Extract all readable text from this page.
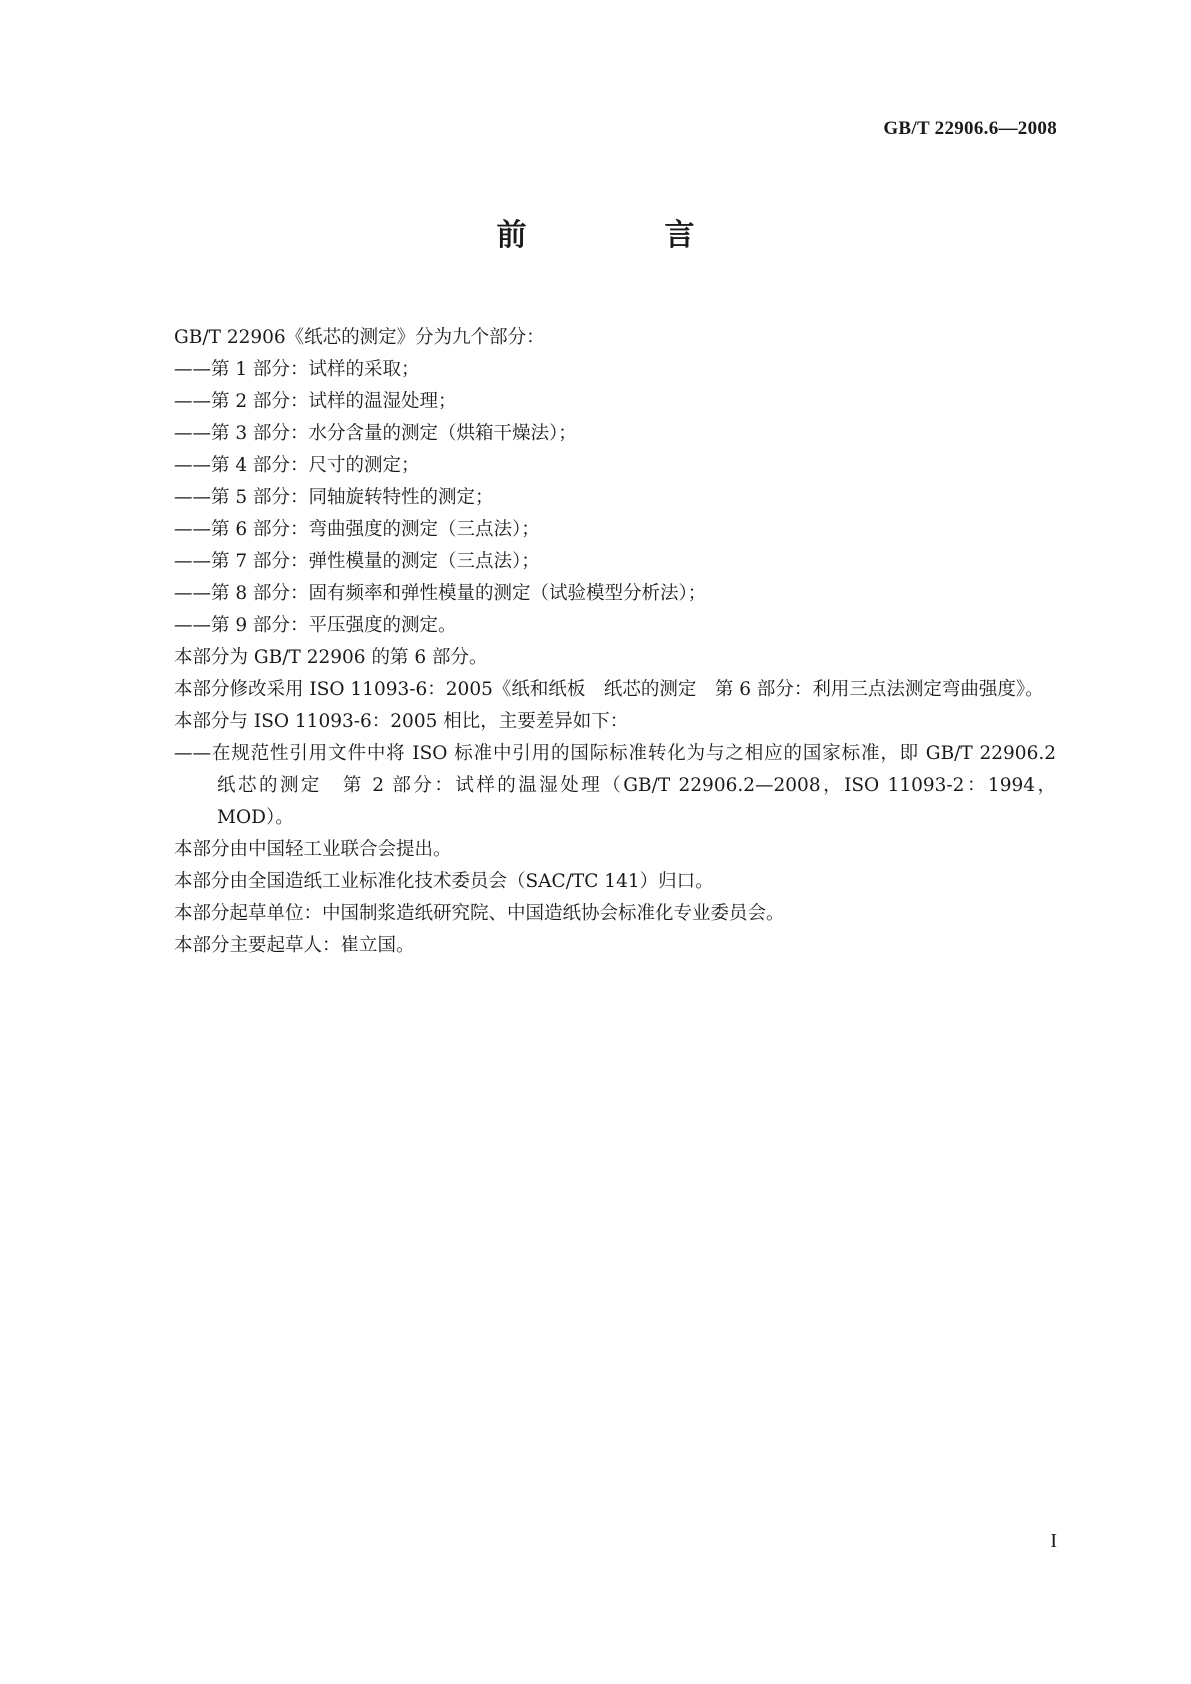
GB/T 22906.6—2008
前　言

GB/T 22906《纸芯的测定》分为九个部分：

——第 1 部分：试样的采取；

——第 2 部分：试样的温湿处理；

——第 3 部分：水分含量的测定（烘箱干燥法）；

——第 4 部分：尺寸的测定；

——第 5 部分：同轴旋转特性的测定；

——第 6 部分：弯曲强度的测定（三点法）；

——第 7 部分：弹性模量的测定（三点法）；

——第 8 部分：固有频率和弹性模量的测定（试验模型分析法）；

——第 9 部分：平压强度的测定。

本部分为 GB/T 22906 的第 6 部分。

本部分修改采用 ISO 11093-6：2005《纸和纸板　纸芯的测定　第 6 部分：利用三点法测定弯曲强度》。

本部分与 ISO 11093-6：2005 相比，主要差异如下：

——在规范性引用文件中将 ISO 标准中引用的国际标准转化为与之相应的国家标准，即 GB/T 22906.2　纸芯的测定　第 2 部分：试样的温湿处理（GB/T 22906.2—2008，ISO 11093-2：1994，MOD）。

本部分由中国轻工业联合会提出。

本部分由全国造纸工业标准化技术委员会（SAC/TC 141）归口。

本部分起草单位：中国制浆造纸研究院、中国造纸协会标准化专业委员会。

本部分主要起草人：崔立国。

I
